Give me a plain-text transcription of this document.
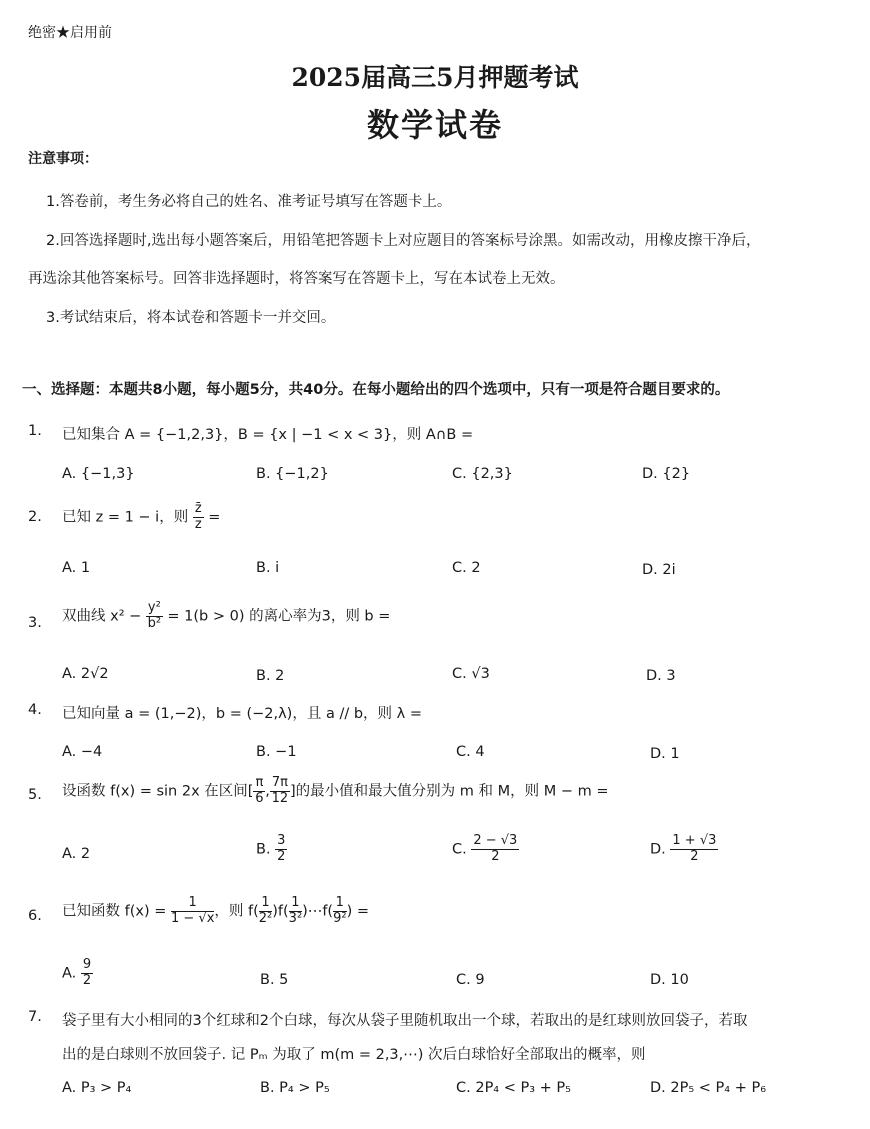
绝密★启用前
2025届高三5月押题考试
数学试卷
注意事项：
1.答卷前，考生务必将自己的姓名、准考证号填写在答题卡上。
2.回答选择题时,选出每小题答案后，用铅笔把答题卡上对应题目的答案标号涂黑。如需改动，用橡皮擦干净后，
再选涂其他答案标号。回答非选择题时，将答案写在答题卡上，写在本试卷上无效。
3.考试结束后，将本试卷和答题卡一并交回。
一、选择题：本题共8小题，每小题5分，共40分。在每小题给出的四个选项中，只有一项是符合题目要求的。
1. 已知集合 A = {−1,2,3}，B = {x | −1 < x < 3}，则 A∩B =
A. {−1,3}	B. {−1,2}	C. {2,3}	D. {2}
2. 已知 z = 1 − i，则 $\frac{z̄}{z}$ =
A. 1	B. i	C. 2	D. 2i
3. 双曲线 $x^2 - \frac{\text{y²}}{\text{b²}} = 1(b > 0)$ 的离心率为3，则 b =
A. 2√2	B. 2	C. √3	D. 3
4. 已知向量 a = (1,−2)，b = (−2,λ)，且 a // b，则 λ =
A. −4	B. −1	C. 4	D. 1
5. 设函数 f(x) = sin 2x 在区间[ $\frac{\pi}{6}$ , $\frac{7\pi}{12}$ ]的最小值和最大值分别为 m 和 M，则 M − m =
A. 2	B. $\frac{3}{2}$	C. $\frac{2 - √3}{2}$	D. $\frac{1 + √3}{2}$
6. 已知函数 $f(x) = \frac{1}{1 - √x}$ ，则 $f( \frac{1}{\text{2²}} )f( \frac{1}{\text{3²}}$ )⋯f( $\frac{1}{\text{9²}}$ ) =
A. $\frac{9}{2}$	B. 5	C. 9	D. 10
7. 袋子里有大小相同的3个红球和2个白球，每次从袋子里随机取出一个球，若取出的是红球则放回袋子，若取
出的是白球则不放回袋子. 记 Pₘ 为取了 m(m = 2,3,⋯) 次后白球恰好全部取出的概率，则
A. P₃ > P₄	B. P₄ > P₅	C. 2P₄ < P₃ + P₅	D. 2P₅ < P₄ + P₆
